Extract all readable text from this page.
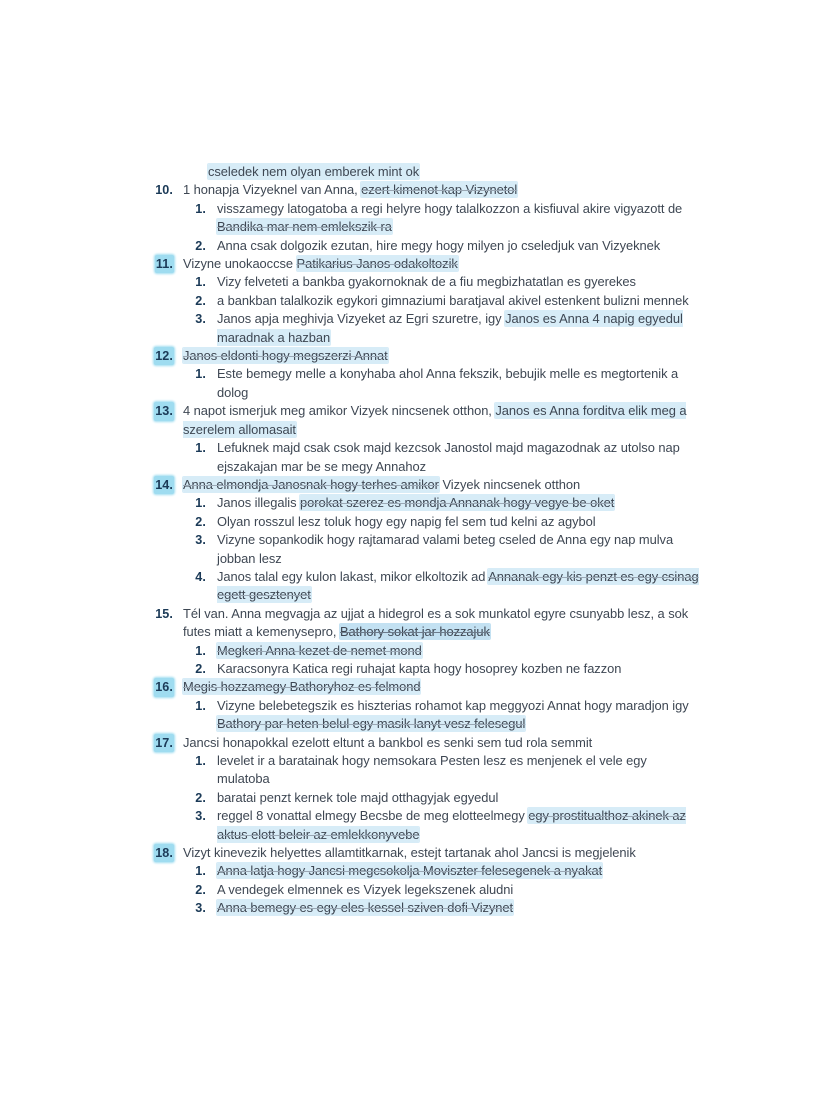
cseledek nem olyan emberek mint ok
10. 1 honapja Vizyeknel van Anna, ezert kimenot kap Vizynetol
1. visszamegy latogatoba a regi helyre hogy talalkozzon a kisfiuval akire vigyazott de Bandika mar nem emlekszik ra
2. Anna csak dolgozik ezutan, hire megy hogy milyen jo cseledjuk van Vizyeknek
11. Vizyne unokaoccse Patikarius Janos odakoltozik
1. Vizy felveteti a bankba gyakornoknak de a fiu megbizhatatlan es gyerekes
2. a bankban talalkozik egykori gimnaziumi baratjaval akivel estenkent bulizni mennek
3. Janos apja meghivja Vizyeket az Egri szuretre, igy Janos es Anna 4 napig egyedul maradnak a hazban
12. Janos eldonti hogy megszerzi Annat
1. Este bemegy melle a konyhaba ahol Anna fekszik, bebujik melle es megtortenik a dolog
13. 4 napot ismerjuk meg amikor Vizyek nincsenek otthon, Janos es Anna forditva elik meg a szerelem allomasait
1. Lefuknek majd csak csok majd kezcsok Janostol majd magazodnak az utolso nap ejszakajan mar be se megy Annahoz
14. Anna elmondja Janosnak hogy terhes amikor Vizyek nincsenek otthon
1. Janos illegalis porokat szerez es mondja Annanak hogy vegye be oket
2. Olyan rosszul lesz toluk hogy egy napig fel sem tud kelni az agybol
3. Vizyne sopankodik hogy rajtamarad valami beteg cseled de Anna egy nap mulva jobban lesz
4. Janos talal egy kulon lakast, mikor elkoltozik ad Annanak egy kis penzt es egy csinag egett gesztenyet
15. Tél van. Anna megvagja az ujjat a hidegrol es a sok munkatol egyre csunyabb lesz, a sok futes miatt a kemenysepro, Bathory sokat jar hozzajuk
1. Megkeri Anna kezet de nemet mond
2. Karacsonyra Katica regi ruhajat kapta hogy hosoprey kozben ne fazzon
16. Megis hozzamegy Bathoryhoz es felmond
1. Vizyne belebetegszik es hiszterias rohamot kap meggyozi Annat hogy maradjon igy Bathory par heten belul egy masik lanyt vesz felesegul
17. Jancsi honapokkal ezelott eltunt a bankbol es senki sem tud rola semmit
1. levelet ir a baratainak hogy nemsokara Pesten lesz es menjenek el vele egy mulatoba
2. baratai penzt kernek tole majd otthagyjak egyedul
3. reggel 8 vonattal elmegy Becsbe de meg elotteelmegy egy prostitualthoz akinek az aktus elott beleir az emlekkonyvebe
18. Vizyt kinevezik helyettes allamtitkarnak, estejt tartanak ahol Jancsi is megjelenik
1. Anna latja hogy Jancsi megcsokolja Moviszter felesegenek a nyakat
2. A vendegek elmennek es Vizyek legekszenek aludni
3. Anna bemegy es egy eles kessel sziven dofi Vizynet
